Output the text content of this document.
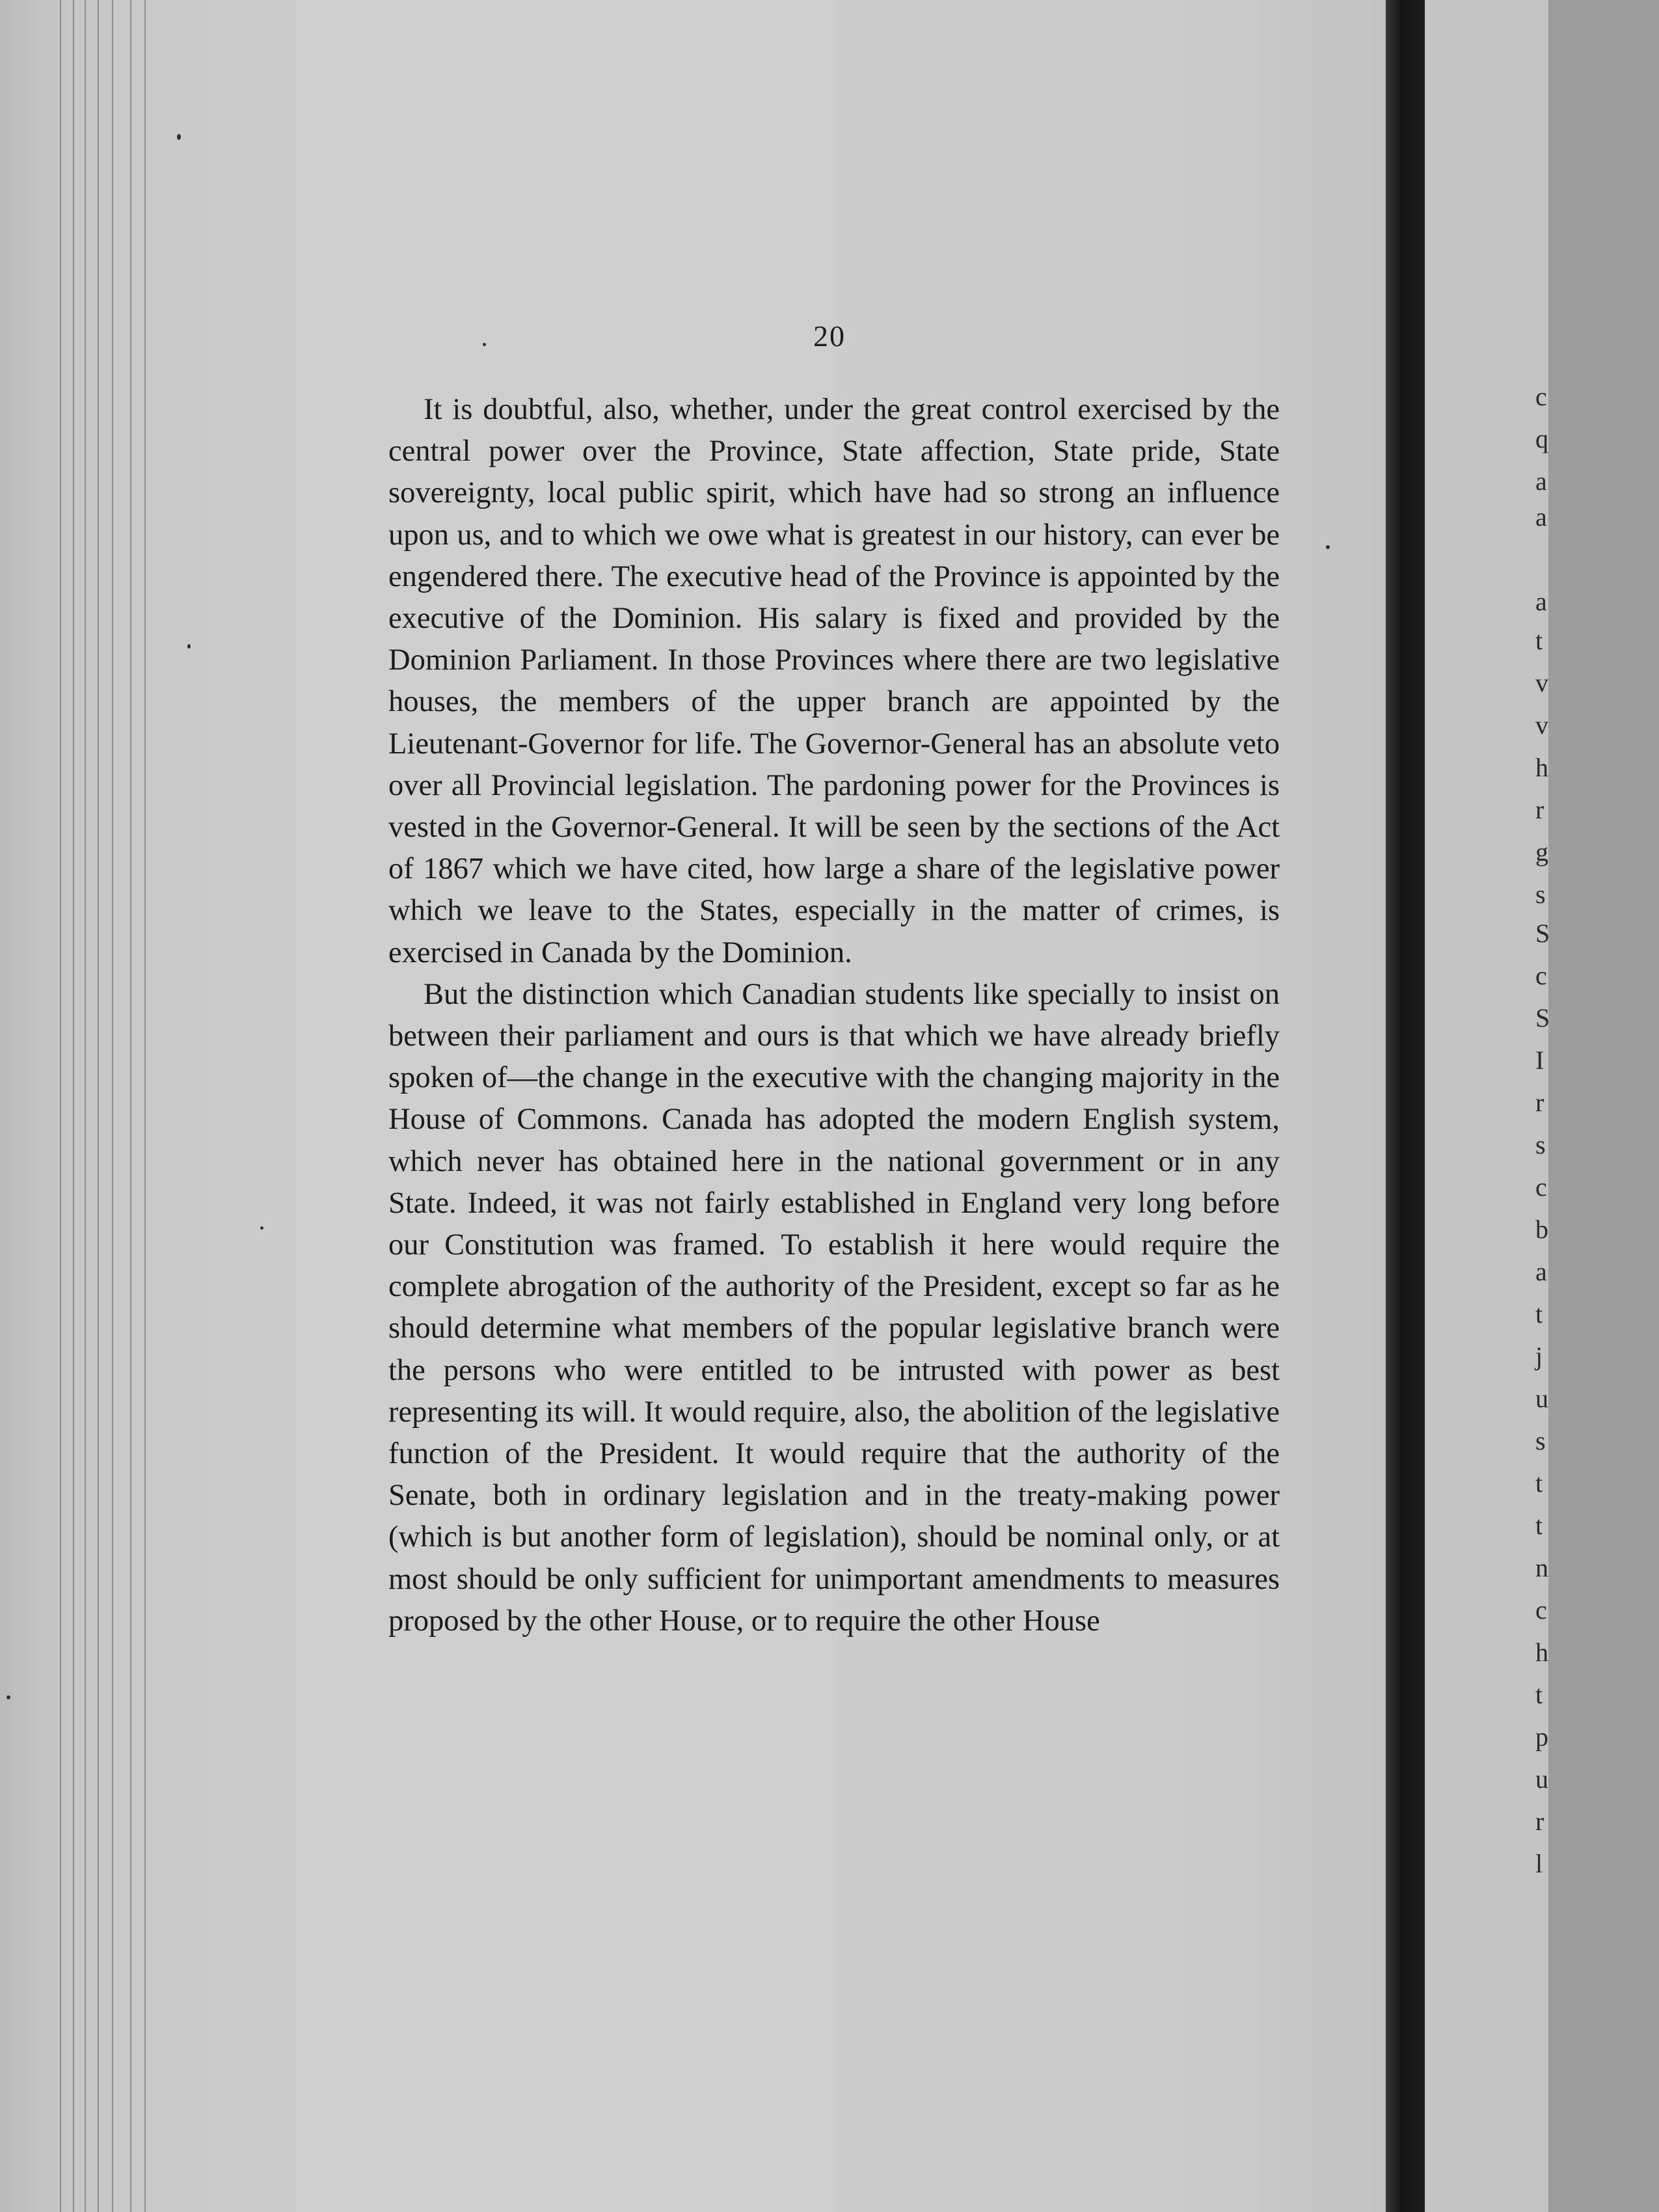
20

It is doubtful, also, whether, under the great control exercised by the central power over the Province, State affection, State pride, State sovereignty, local public spirit, which have had so strong an influence upon us, and to which we owe what is greatest in our history, can ever be engendered there. The executive head of the Province is appointed by the executive of the Dominion. His salary is fixed and provided by the Dominion Parliament. In those Provinces where there are two legislative houses, the members of the upper branch are appointed by the Lieutenant-Governor for life. The Governor-General has an absolute veto over all Provincial legislation. The pardoning power for the Provinces is vested in the Governor-General. It will be seen by the sections of the Act of 1867 which we have cited, how large a share of the legislative power which we leave to the States, especially in the matter of crimes, is exercised in Canada by the Dominion.

But the distinction which Canadian students like specially to insist on between their parliament and ours is that which we have already briefly spoken of—the change in the executive with the changing majority in the House of Commons. Canada has adopted the modern English system, which never has obtained here in the national government or in any State. Indeed, it was not fairly established in England very long before our Constitution was framed. To establish it here would require the complete abrogation of the authority of the President, except so far as he should determine what members of the popular legislative branch were the persons who were entitled to be intrusted with power as best representing its will. It would require, also, the abolition of the legislative function of the President. It would require that the authority of the Senate, both in ordinary legislation and in the treaty-making power (which is but another form of legislation), should be nominal only, or at most should be only sufficient for unimportant amendments to measures proposed by the other House, or to require the other House

c
q
a
a
a
t
v
v
h
r
g
s
S
c
S
I
r
s
c
b
a
t
j
u
s
t
t
n
c
h
t
p
u
r
l
